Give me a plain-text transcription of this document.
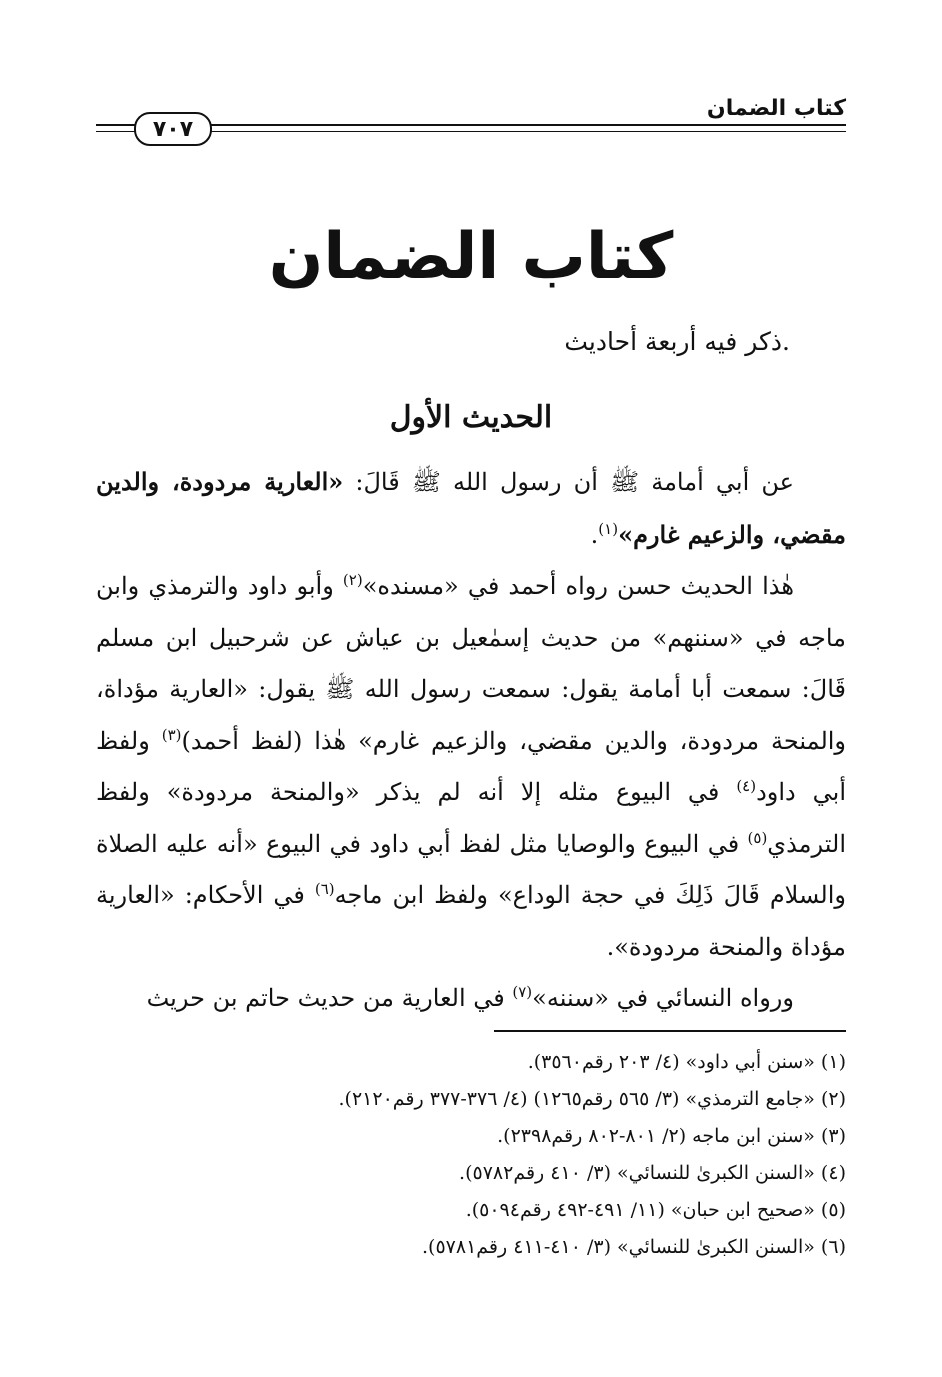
كتاب الضمان
٧٠٧
كتاب الضمان
ذكر فيه أربعة أحاديث.
الحديث الأول

عن أبي أمامة ﷺ أن رسول الله ﷺ قَالَ: «العارية مردودة، والدين مقضي، والزعيم غارم»$^{(١)}$.

هٰذا الحديث حسن رواه أحمد في «مسنده»$^{(٢)}$ وأبو داود والترمذي وابن ماجه في «سننهم» من حديث إسمٰعيل بن عياش عن شرحبيل ابن مسلم قَالَ: سمعت أبا أمامة يقول: سمعت رسول الله ﷺ يقول: «العارية مؤداة، والمنحة مردودة، والدين مقضي، والزعيم غارم» هٰذا (لفظ أحمد)$^{(٣)}$ ولفظ أبي داود$^{(٤)}$ في البيوع مثله إلا أنه لم يذكر «والمنحة مردودة» ولفظ الترمذي$^{(٥)}$ في البيوع والوصايا مثل لفظ أبي داود في البيوع «أنه عليه الصلاة والسلام قَالَ ذَلِكَ في حجة الوداع» ولفظ ابن ماجه$^{(٦)}$ في الأحكام: «العارية مؤداة والمنحة مردودة».

ورواه النسائي في «سننه»$^{(٧)}$ في العارية من حديث حاتم بن حريث

(١) «سنن أبي داود» (٤/ ٢٠٣ رقم٣٥٦٠).
(٢) «جامع الترمذي» (٣/ ٥٦٥ رقم١٢٦٥) (٤/ ٣٧٦-٣٧٧ رقم٢١٢٠).
(٣) «سنن ابن ماجه (٢/ ٨٠١-٨٠٢ رقم٢٣٩٨).
(٤) «السنن الكبرىٰ للنسائي» (٣/ ٤١٠ رقم٥٧٨٢).
(٥) «صحيح ابن حبان» (١١/ ٤٩١-٤٩٢ رقم٥٠٩٤).
(٦) «السنن الكبرىٰ للنسائي» (٣/ ٤١٠-٤١١ رقم٥٧٨١).
